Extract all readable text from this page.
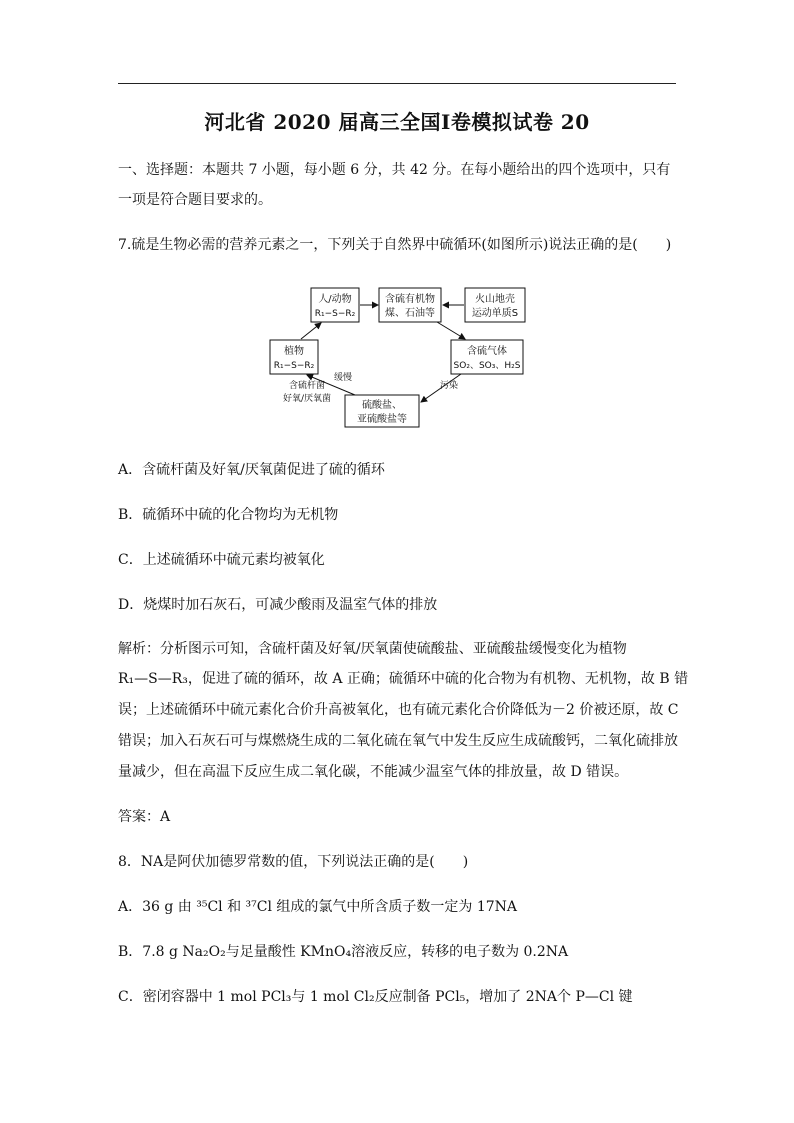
河北省 2020 届高三全国Ⅰ卷模拟试卷 20
一、选择题：本题共 7 小题，每小题 6 分，共 42 分。在每小题给出的四个选项中，只有
一项是符合题目要求的。
7.硫是生物必需的营养元素之一，下列关于自然界中硫循环(如图所示)说法正确的是(　　)
人/动物
R₁−S−R₂
含硫有机物
煤、石油等
火山地壳
运动单质S
植物
R₁−S−R₂
含硫气体
SO₂、SO₃、H₂S
硫酸盐、
亚硫酸盐等
含硫杆菌
好氧/厌氧菌
缓慢
污染
A．含硫杆菌及好氧/厌氧菌促进了硫的循环
B．硫循环中硫的化合物均为无机物
C．上述硫循环中硫元素均被氧化
D．烧煤时加石灰石，可减少酸雨及温室气体的排放
解析：分析图示可知，含硫杆菌及好氧/厌氧菌使硫酸盐、亚硫酸盐缓慢变化为植物
R₁—S—R₃，促进了硫的循环，故 A 正确；硫循环中硫的化合物为有机物、无机物，故 B 错
误；上述硫循环中硫元素化合价升高被氧化，也有硫元素化合价降低为－2 价被还原，故 C
错误；加入石灰石可与煤燃烧生成的二氧化硫在氧气中发生反应生成硫酸钙，二氧化硫排放
量减少，但在高温下反应生成二氧化碳，不能减少温室气体的排放量，故 D 错误。
答案：A
8．NA是阿伏加德罗常数的值，下列说法正确的是(　　)
A．36 g 由 ³⁵Cl 和 ³⁷Cl 组成的氯气中所含质子数一定为 17NA
B．7.8 g Na₂O₂与足量酸性 KMnO₄溶液反应，转移的电子数为 0.2NA
C．密闭容器中 1 mol PCl₃与 1 mol Cl₂反应制备 PCl₅，增加了 2NA个 P—Cl 键
